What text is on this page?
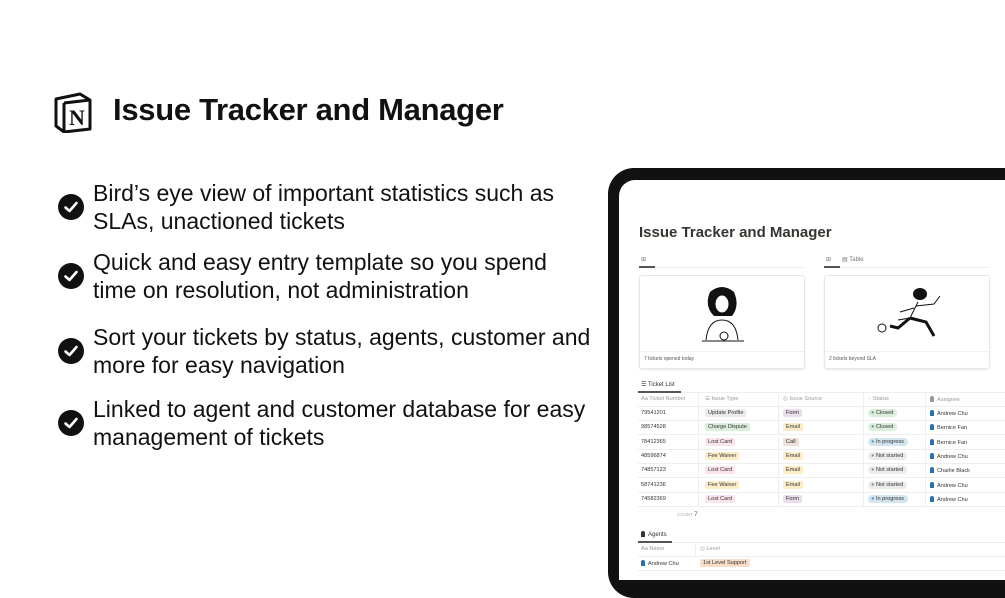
N Issue Tracker and Manager
Bird’s eye view of important statistics such as
SLAs, unactioned tickets
Quick and easy entry template so you spend
time on resolution, not administration
Sort your tickets by status, agents, customer and
more for easy navigation
Linked to agent and customer database for easy
management of tickets
Issue Tracker and Manager
⊞	⊞ ▤ Table
7 tickets opened today	2 tickets beyond SLA
☰ Ticket List
Aa Ticket Number	☰ Issue Type	◎ Issue Source	◌ Status	Assignee
79541201	Update Profile	Form	● Closed	Andrew Chu
98574528	Charge Dispute	Email	● Closed	Bernice Fan
78412365	Lost Card	Call	● In progress	Bernice Fan
48596874	Fee Waiver	Email	● Not started	Andrew Chu
74857123	Lost Card	Email	● Not started	Charlie Black
58741236	Fee Waiver	Email	● Not started	Andrew Chu
74582369	Lost Card	Form	● In progress	Andrew Chu
COUNT 7
Agents
Aa Name	◎ Level
Andrew Chu	1st Level Support
